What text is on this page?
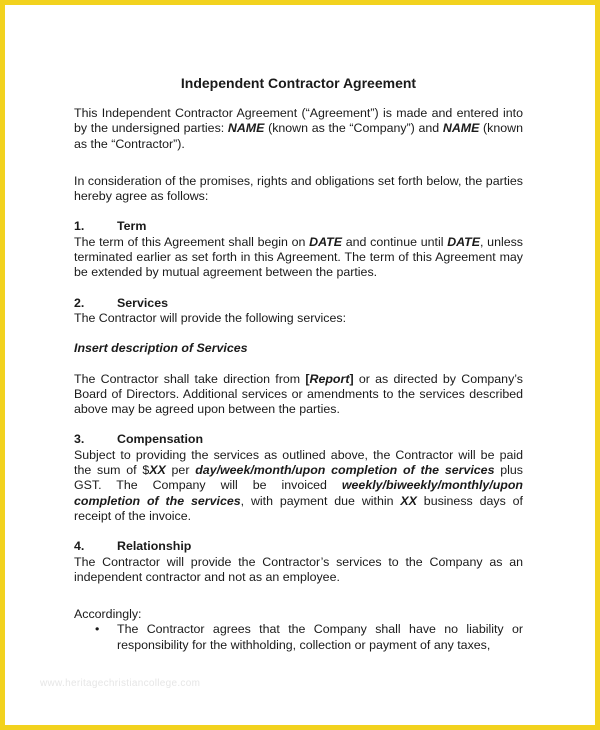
Independent Contractor Agreement

This Independent Contractor Agreement (“Agreement”) is made and entered into by the undersigned parties: NAME (known as the “Company”) and NAME (known as the “Contractor”).

In consideration of the promises, rights and obligations set forth below, the parties hereby agree as follows:

1.	Term

The term of this Agreement shall begin on DATE and continue until DATE, unless terminated earlier as set forth in this Agreement. The term of this Agreement may be extended by mutual agreement between the parties.

2.	Services

The Contractor will provide the following services:

Insert description of Services

The Contractor shall take direction from [Report] or as directed by Company’s Board of Directors. Additional services or amendments to the services described above may be agreed upon between the parties.

3.	Compensation

Subject to providing the services as outlined above, the Contractor will be paid the sum of $XX per day/week/month/upon completion of the services plus GST. The Company will be invoiced weekly/biweekly/monthly/upon completion of the services, with payment due within XX business days of receipt of the invoice.

4.	Relationship

The Contractor will provide the Contractor’s services to the Company as an independent contractor and not as an employee.

Accordingly:

•	The Contractor agrees that the Company shall have no liability or responsibility for the withholding, collection or payment of any taxes,
www.heritagechristiancollege.com
